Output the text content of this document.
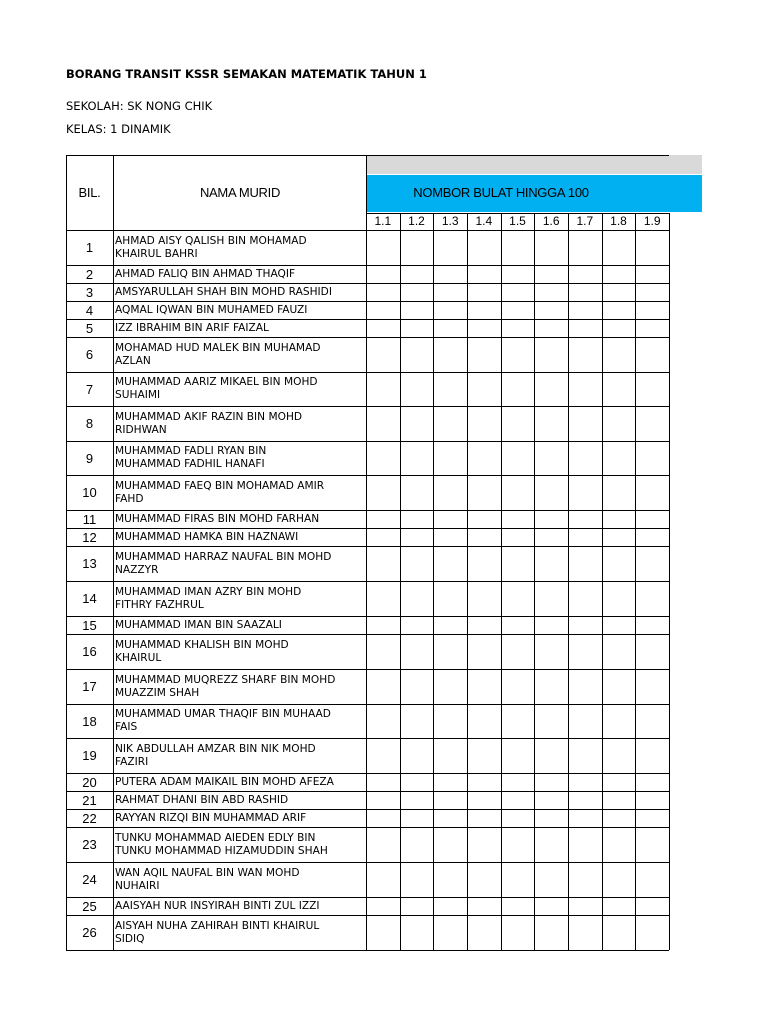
BORANG TRANSIT KSSR SEMAKAN MATEMATIK TAHUN 1
SEKOLAH: SK NONG CHIK
KELAS: 1 DINAMIK
NOMBOR BULAT HINGGA 100
BIL.	NAMA MURID
1.1	1.2	1.3	1.4	1.5	1.6	1.7	1.8	1.9
1	AHMAD AISY QALISH BIN MOHAMAD
KHAIRUL BAHRI
2	AHMAD FALIQ BIN AHMAD THAQIF
3	AMSYARULLAH SHAH BIN MOHD RASHIDI
4	AQMAL IQWAN BIN MUHAMED FAUZI
5	IZZ IBRAHIM BIN ARIF FAIZAL
6	MOHAMAD HUD MALEK BIN MUHAMAD
AZLAN
7	MUHAMMAD AARIZ MIKAEL BIN MOHD
SUHAIMI
8	MUHAMMAD AKIF RAZIN BIN MOHD
RIDHWAN
9	MUHAMMAD FADLI RYAN BIN
MUHAMMAD FADHIL HANAFI
10	MUHAMMAD FAEQ BIN MOHAMAD AMIR
FAHD
11	MUHAMMAD FIRAS BIN MOHD FARHAN
12	MUHAMMAD HAMKA BIN HAZNAWI
13	MUHAMMAD HARRAZ NAUFAL BIN MOHD
NAZZYR
14	MUHAMMAD IMAN AZRY BIN MOHD
FITHRY FAZHRUL
15	MUHAMMAD IMAN BIN SAAZALI
16	MUHAMMAD KHALISH BIN MOHD
KHAIRUL
17	MUHAMMAD MUQREZZ SHARF BIN MOHD
MUAZZIM SHAH
18	MUHAMMAD UMAR THAQIF BIN MUHAAD
FAIS
19	NIK ABDULLAH AMZAR BIN NIK MOHD
FAZIRI
20	PUTERA ADAM MAIKAIL BIN MOHD AFEZA
21	RAHMAT DHANI BIN ABD RASHID
22	RAYYAN RIZQI BIN MUHAMMAD ARIF
23	TUNKU MOHAMMAD AIEDEN EDLY BIN
TUNKU MOHAMMAD HIZAMUDDIN SHAH
24	WAN AQIL NAUFAL BIN WAN MOHD
NUHAIRI
25	AAISYAH NUR INSYIRAH BINTI ZUL IZZI
26	AISYAH NUHA ZAHIRAH BINTI KHAIRUL
SIDIQ
